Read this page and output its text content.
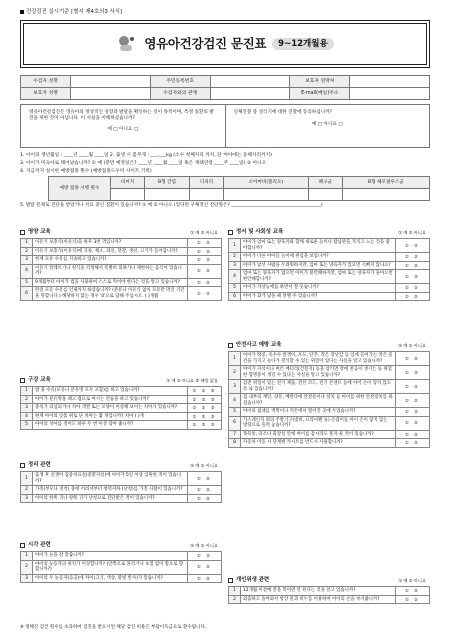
건강검진 실시기준 [별지 제4호의3 서식]
영유아건강검진 문진표	9~12개월용
수검자 성명		주민등록번호		보호자 연락처	
보호자 성명		수검자와의 관계		E-mail(메일)주소	
영유아건강검진은 영유아의 정상적인 성장과 발달을 확인하는 것이 목적이며, 특정 질환의 발견을 위한 것이 아닙니다. 이 사실을 이해하셨습니까?
예 □ 아니요 □
신체진찰 중 성식기에 대한 진찰에 동의하십니까?
예 □ 아니요 □

1. 아이의 생년월일 : ____년 ____월 ____일 2. 출생 시 몸무게 : ___.___kg (소수 첫째자리 까지, 단 여아에는 동해자리까지)

3. 아이가 미숙아로 태어났습니까? ① 예 (분만 예정일은? ____년 ____월 ____일 혹은 재태연령 ____주 ____일) ② 아니오

4. 지금까지 실시한 예방접종 횟수 (예방접종도우미 사이트 기록)

예방 접종 시행 횟수	비씨지	B형 간염	디피티	소아마비(폴리오)	폐구균	B형 헤모필루스균

5. 발달 문제로 진단을 받았거나 치료 중인 질환이 있습니까? ① 예 ② 아니오 (있다면 구체적인 진단명은? _______________________________________)
영양 교육	① 예 ② 아니요
1	이유기 보충식(이유식)을 하루 3번 먹입니까?	① ②
2	이유기 보충식(이유식)에 곡류, 채소, 과일, 달걀, 생선, 고기가 들어갑니까?	① ②
3	현재 모유 수유를 지속하고 있습니까?	① ②
4	이유기 알레르기나 천식을 걱정해서 특별히 피하거나 제한하는 음식이 있습니까?	① ②
5	9개월부터 아이가 컵을 사용하여 스스로 먹어야 한다는 것을 알고 있습니까?	① ②
6	완전 모유 수유를 언제까지 하셨습니까? (분유나 이유식 없이 모유만 먹인 기간을 말합니다.) 해당하지 않는 경우 '0'으로 답해 주십시오. ( )개월	① ②
구강 교육	① 예 ② 아니요 ③ 해당 없음
1	밤 중 수유(모유나 분유병 모두 포함)를 하고 있습니까?	① ② ③
2	아이가 분유병을 때고 컵으로 마시는 연습을 하고 있습니까?	① ② ③
3	충치가 의심되거나 치아 색깔 또는 모양이 이상해 보이는 치아가 있습니까?	① ② ③
4	현재 아이의 잇몸 위로 난 치아는 몇 개입니까? 치아 ( )개	① ② ③
5	아이의 치아를 적어도 하루 두 번 이상 닦아 줍니까?	① ② ③
정리 관련	① 예 ② 아니요
1	출생 후 신생아 집중치료실(중환자실)에 아이가 5일 이상 입원한 적이 있습니까?	① ②
2	가족(부모나 친척) 중에 어려서부터 청력저하 (난청)를 가진 사람이 있습니까?	① ②
3	아이의 한쪽 귀나 양쪽 귀가 난청으로 진단받은 적이 있습니까?	① ②
시각 관련	① 예 ② 아니요
1	아이가 눈을 잘 맞춥니까?	① ②
2	아이의 눈동자의 위치가 이상합니까? (안쪽으로 몰리거나 초점 없이 밖으로 향합니까?)	① ②
3	아이의 두 눈동자(동공)에 차이(크기, 색상, 불빛 반사)가 있습니까?	① ②
정서 및 사회성 교육	① 예 ② 아니요
1	아이가 엄마 또는 양육자와 함께 새로운 놀이나 탐남관을 가지고 노는 것을 좋아합니까?	① ②
2	아이가 다른 아이들 놀이에 관심을 보입니까?	① ②
3	아이가 낯선 사람을 두려워하지만, 엄마 또는 양육자가 있으면 기뻐지 않나요?	① ②
4	엄마 또는 양육자가 없으면 아이가 불안해하지만, 엄마 또는 양육자가 돌아오면 편안해합니까?	① ②
5	아이가 자상능에를 하면서 잘 웃습니까?	① ②
6	아이가 화가 났을 때 달랠 수 있습니까?	① ②
안전사고 예방 교육	① 예 ② 아니요
1	아이가 땅콩, 옥수수 알갱이, 포도, 단추, 작은 장난감 등 입에 들어가는 작은 물건을 가지고 놀다가 질식할 수 있는 위험이 있다는 사실을 알고 있습니까?	① ②
2	아이가 자석이나 버튼 배터리(건전지) 등을 삼키면 장에 천공이 생기는 등 위험한 합병증이 생길 수 있다는 사실을 알고 있습니까?	① ②
3	감전 위험이 있는 전기 제품, 전선 코드, 전기 콘센트 등에 아이 손이 닿지 않도록 놔 있습니까?	① ②
4	집 내부의 계단, 창문, 베란다에 안전문이나 설치 등 아이를 위한 안전장치를 하셨습니까?	① ②
5	아이의 침대를 벽쪽이나 커튼에서 떨어진 곳에 두었습니까?	① ②
6	가스레인지 위의 주방기구(냄비, 프라이팬 등) 손잡이를 아이 손이 닿지 않는 방향으로 돌려 놓습니까?	① ②
7	목욕통, 욕조나 화장실 안에 아이를 잠시라도 혼자 둔 적이 있습니까?	① ②
8	자동차 이동 시 단계별 카시트를 반드시 사용합니까?	① ②
개인위생 관련	① 예 ② 아니요
1	12개월 이전에 꿀을 먹이면 안 된다는 것을 알고 있습니까?	① ②
2	외출하고 돌아와서 항상 물과 비누를 이용하여 아이의 손을 씻겨줍니까?	① ②
※ 정해진 검진 횟수를 초과하여 검진을 받으시면 해당 검진 비용은 부담이득금으로 환수됩니다.
